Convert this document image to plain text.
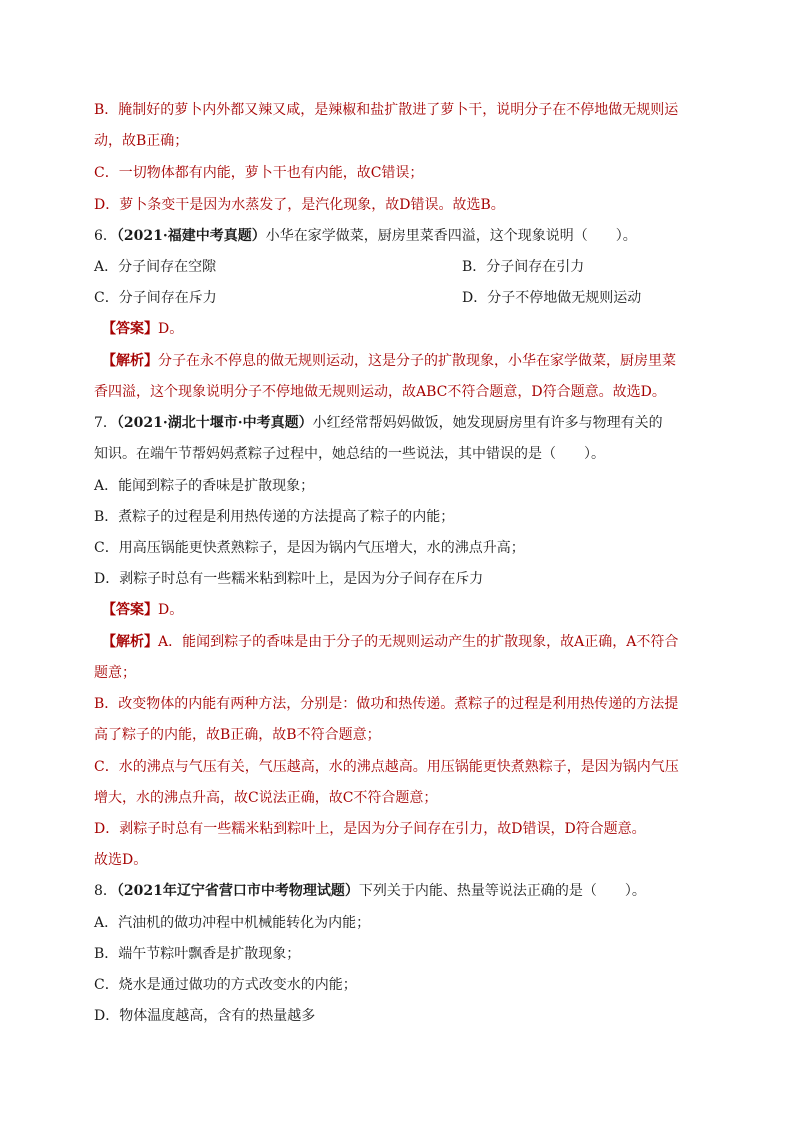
B．腌制好的萝卜内外都又辣又咸，是辣椒和盐扩散进了萝卜干，说明分子在不停地做无规则运
动，故B正确；
C．一切物体都有内能，萝卜干也有内能，故C错误；
D．萝卜条变干是因为水蒸发了，是汽化现象，故D错误。故选B。
6．（2021·福建中考真题）小华在家学做菜，厨房里菜香四溢，这个现象说明（　　）。
A．分子间存在空隙	B．分子间存在引力
C．分子间存在斥力	D．分子不停地做无规则运动
【答案】D。
【解析】分子在永不停息的做无规则运动，这是分子的扩散现象，小华在家学做菜，厨房里菜
香四溢，这个现象说明分子不停地做无规则运动，故ABC不符合题意，D符合题意。故选D。
7．（2021·湖北十堰市·中考真题）小红经常帮妈妈做饭，她发现厨房里有许多与物理有关的
知识。在端午节帮妈妈煮粽子过程中，她总结的一些说法，其中错误的是（　　）。
A．能闻到粽子的香味是扩散现象；
B．煮粽子的过程是利用热传递的方法提高了粽子的内能；
C．用高压锅能更快煮熟粽子，是因为锅内气压增大，水的沸点升高；
D．剥粽子时总有一些糯米粘到粽叶上，是因为分子间存在斥力
【答案】D。
【解析】A．能闻到粽子的香味是由于分子的无规则运动产生的扩散现象，故A正确，A不符合
题意；
B．改变物体的内能有两种方法，分别是：做功和热传递。煮粽子的过程是利用热传递的方法提
高了粽子的内能，故B正确，故B不符合题意；
C．水的沸点与气压有关，气压越高，水的沸点越高。用压锅能更快煮熟粽子，是因为锅内气压
增大，水的沸点升高，故C说法正确，故C不符合题意；
D．剥粽子时总有一些糯米粘到粽叶上，是因为分子间存在引力，故D错误，D符合题意。
故选D。
8．（2021年辽宁省营口市中考物理试题）下列关于内能、热量等说法正确的是（　　）。
A．汽油机的做功冲程中机械能转化为内能；
B．端午节粽叶飘香是扩散现象；
C．烧水是通过做功的方式改变水的内能；
D．物体温度越高，含有的热量越多
